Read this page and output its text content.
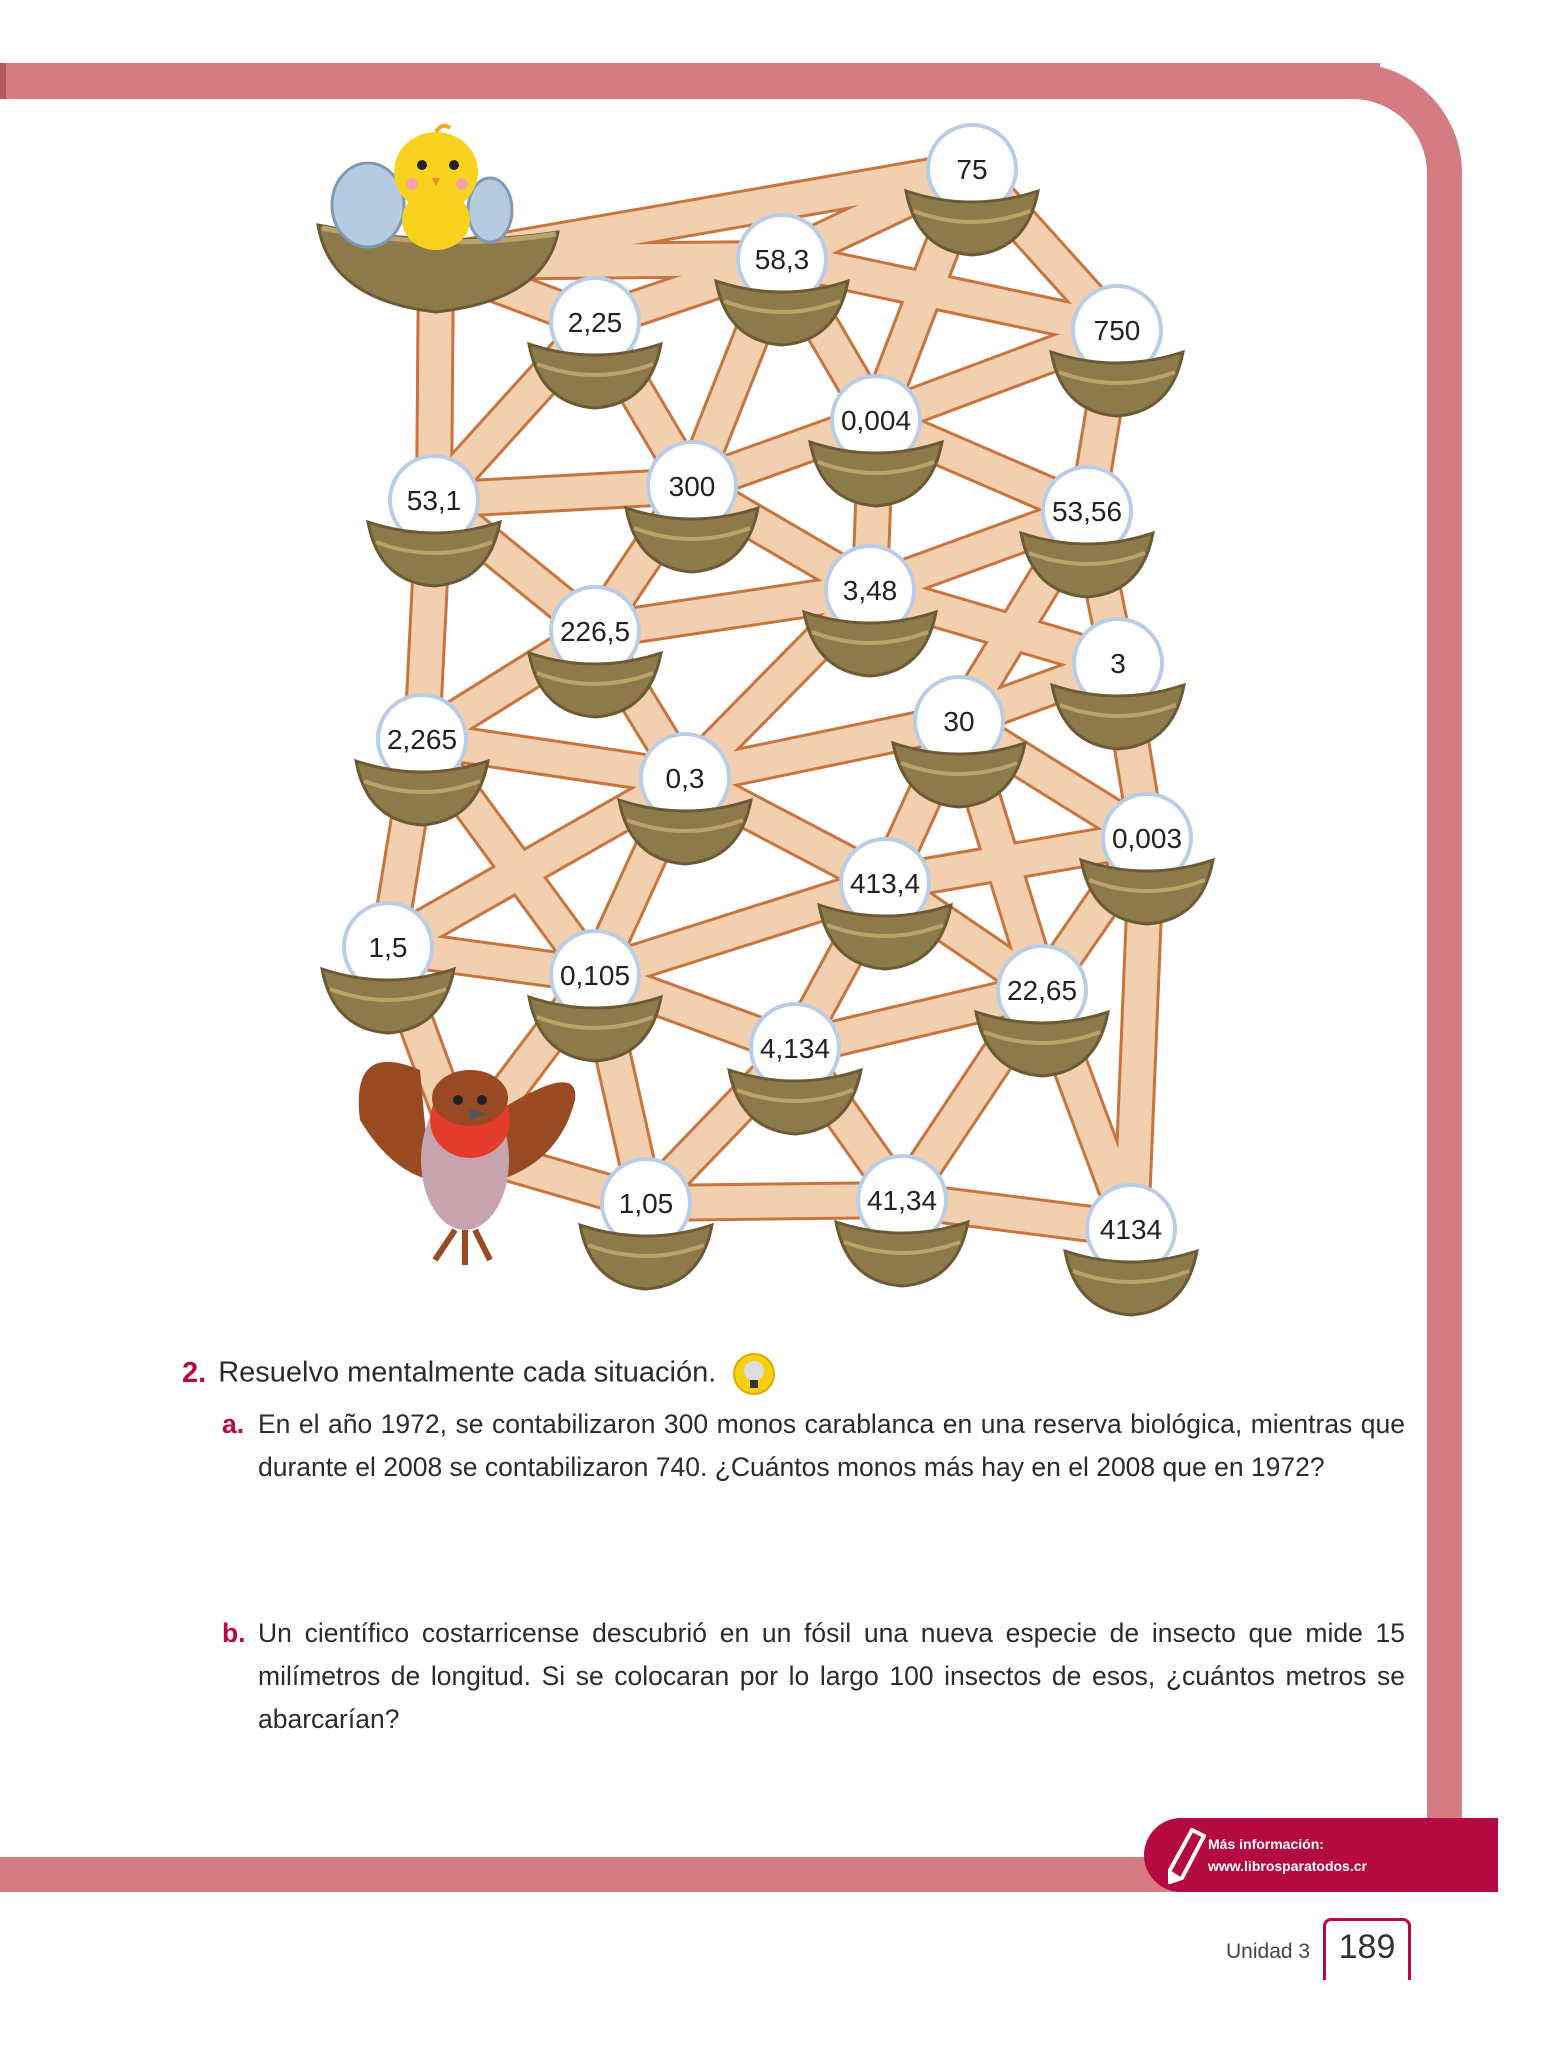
75
58,3
2,25	750
0,004
53,1	300
53,56
3,48
226,5
3
30
2,265
0,3
0,003
413,4
1,5
0,105	22,65
4,134
1,05	41,34
4134
2. Resuelvo mentalmente cada situación.
a. En el año 1972, se contabilizaron 300 monos carablanca en una reserva biológica, mientras que durante el 2008 se contabilizaron 740. ¿Cuántos monos más hay en el 2008 que en 1972?
b. Un científico costarricense descubrió en un fósil una nueva especie de insecto que mide 15 milímetros de longitud. Si se colocaran por lo largo 100 insectos de esos, ¿cuántos metros se abarcarían?
Más información:
www.librosparatodos.cr
Unidad 3 189
